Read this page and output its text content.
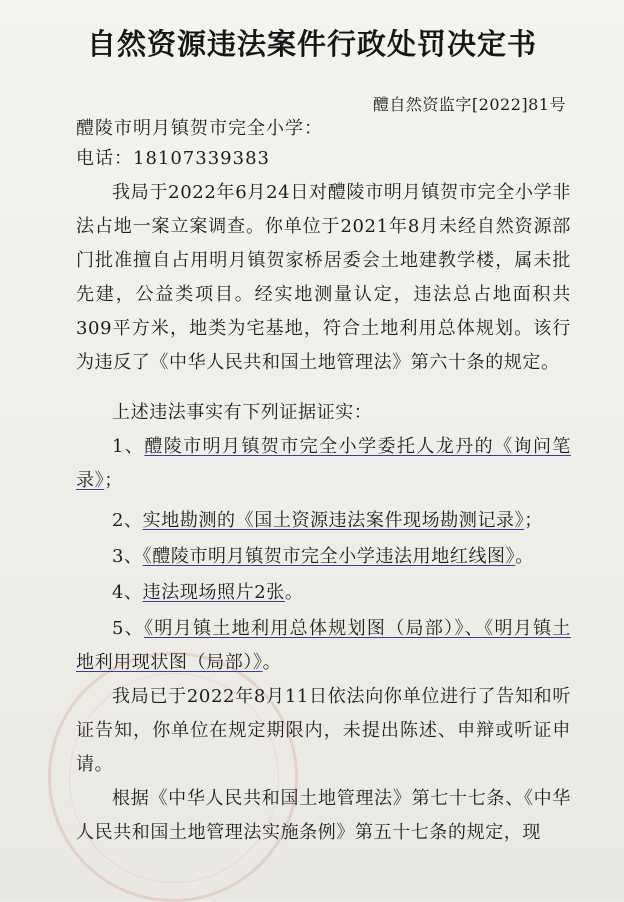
自然资源违法案件行政处罚决定书
醴自然资监字[2022]81号
醴陵市明月镇贺市完全小学：
电话：18107339383

我局于2022年6月24日对醴陵市明月镇贺市完全小学非法占地一案立案调查。你单位于2021年8月未经自然资源部门批准擅自占用明月镇贺家桥居委会土地建教学楼，属未批先建，公益类项目。经实地测量认定，违法总占地面积共309平方米，地类为宅基地，符合土地利用总体规划。该行为违反了《中华人民共和国土地管理法》第六十条的规定。

上述违法事实有下列证据证实：

1、醴陵市明月镇贺市完全小学委托人龙丹的《询问笔录》；

2、实地勘测的《国土资源违法案件现场勘测记录》；

3、《醴陵市明月镇贺市完全小学违法用地红线图》。

4、违法现场照片2张。

5、《明月镇土地利用总体规划图（局部）》、《明月镇土地利用现状图（局部）》。

我局已于2022年8月11日依法向你单位进行了告知和听证告知，你单位在规定期限内，未提出陈述、申辩或听证申请。

根据《中华人民共和国土地管理法》第七十七条、《中华人民共和国土地管理法实施条例》第五十七条的规定，现
